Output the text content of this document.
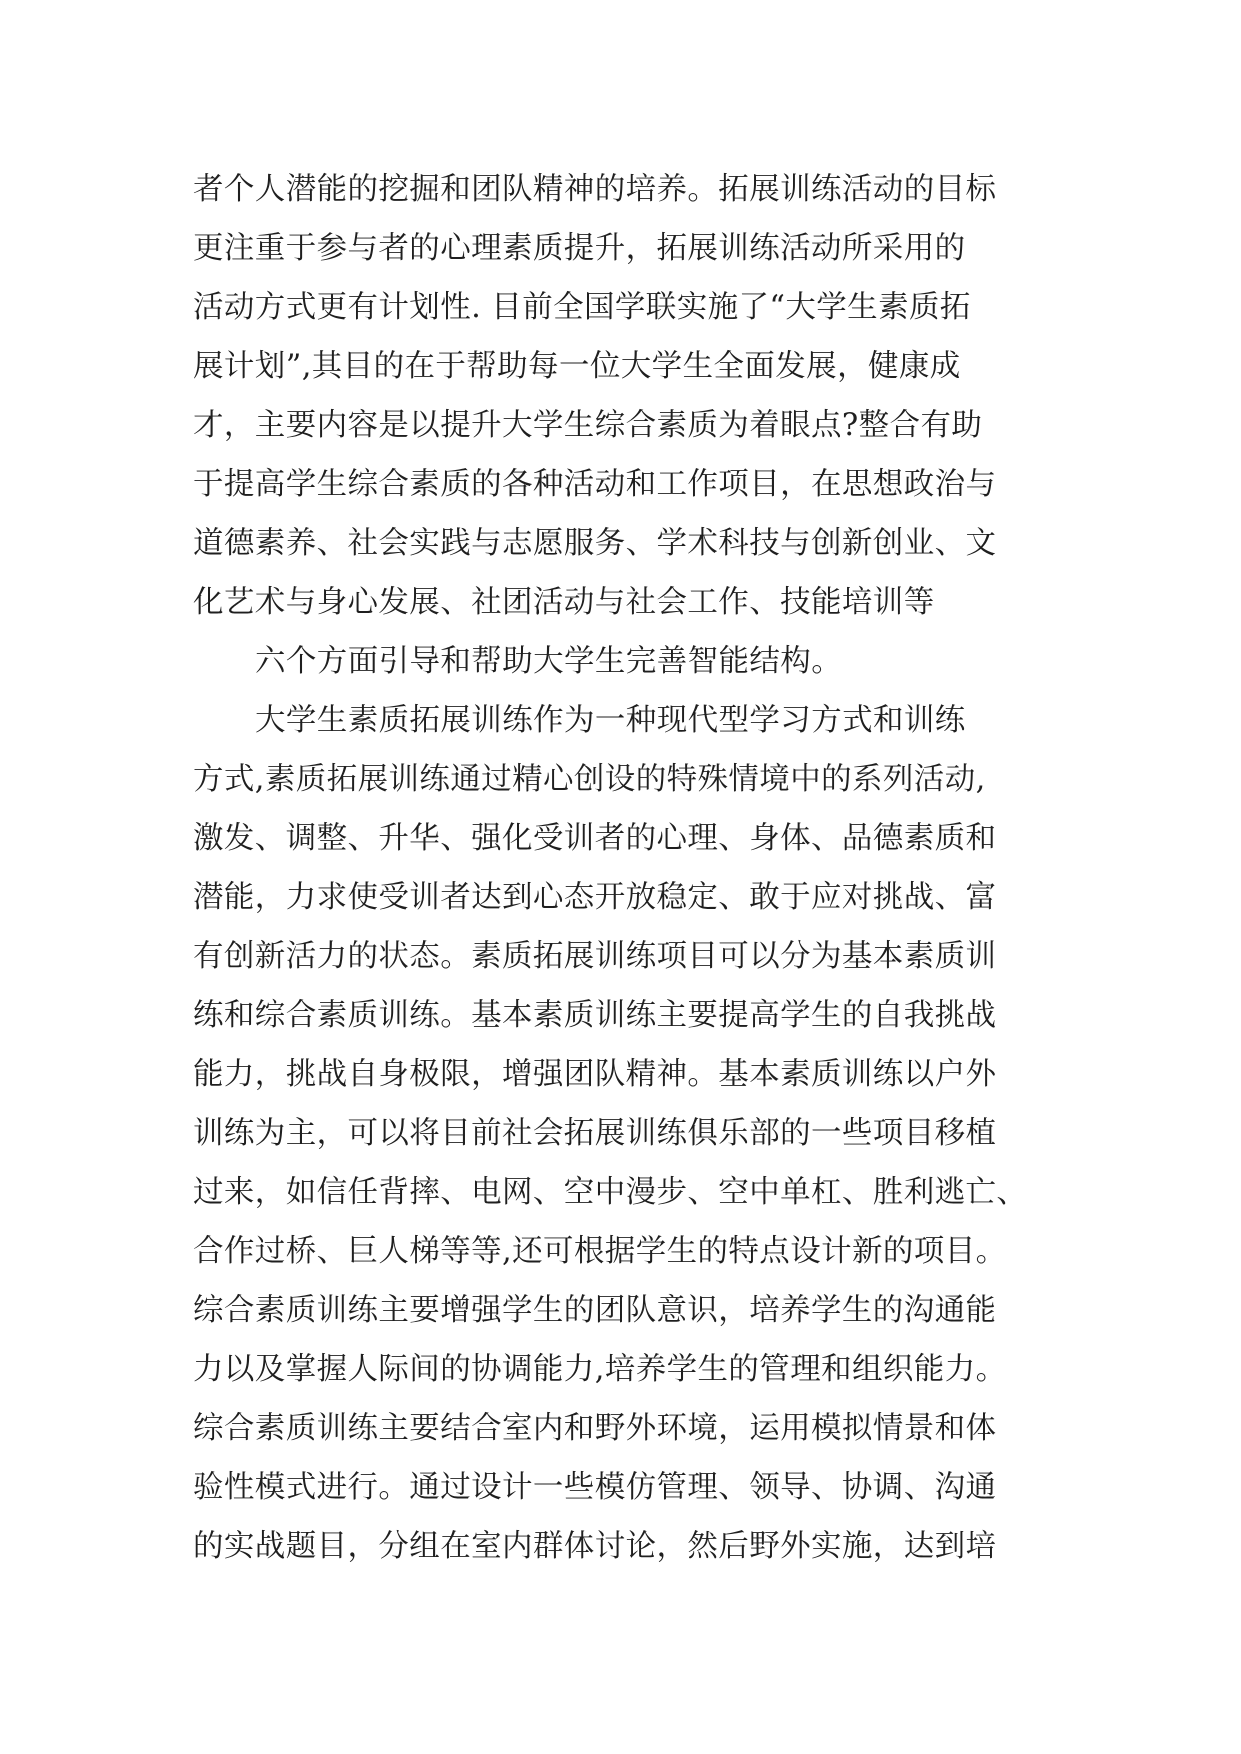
者个人潜能的挖掘和团队精神的培养。拓展训练活动的目标
更注重于参与者的心理素质提升，拓展训练活动所采用的
活动方式更有计划性. 目前全国学联实施了“大学生素质拓
展计划”,其目的在于帮助每一位大学生全面发展，健康成
才，主要内容是以提升大学生综合素质为着眼点?整合有助
于提高学生综合素质的各种活动和工作项目，在思想政治与
道德素养、社会实践与志愿服务、学术科技与创新创业、文
化艺术与身心发展、社团活动与社会工作、技能培训等
六个方面引导和帮助大学生完善智能结构。
大学生素质拓展训练作为一种现代型学习方式和训练
方式,素质拓展训练通过精心创设的特殊情境中的系列活动,
激发、调整、升华、强化受训者的心理、身体、品德素质和
潜能，力求使受训者达到心态开放稳定、敢于应对挑战、富
有创新活力的状态。素质拓展训练项目可以分为基本素质训
练和综合素质训练。基本素质训练主要提高学生的自我挑战
能力，挑战自身极限，增强团队精神。基本素质训练以户外
训练为主，可以将目前社会拓展训练俱乐部的一些项目移植
过来，如信任背摔、电网、空中漫步、空中单杠、胜利逃亡、
合作过桥、巨人梯等等,还可根据学生的特点设计新的项目。
综合素质训练主要增强学生的团队意识，培养学生的沟通能
力以及掌握人际间的协调能力,培养学生的管理和组织能力。
综合素质训练主要结合室内和野外环境，运用模拟情景和体
验性模式进行。通过设计一些模仿管理、领导、协调、沟通
的实战题目，分组在室内群体讨论，然后野外实施，达到培
